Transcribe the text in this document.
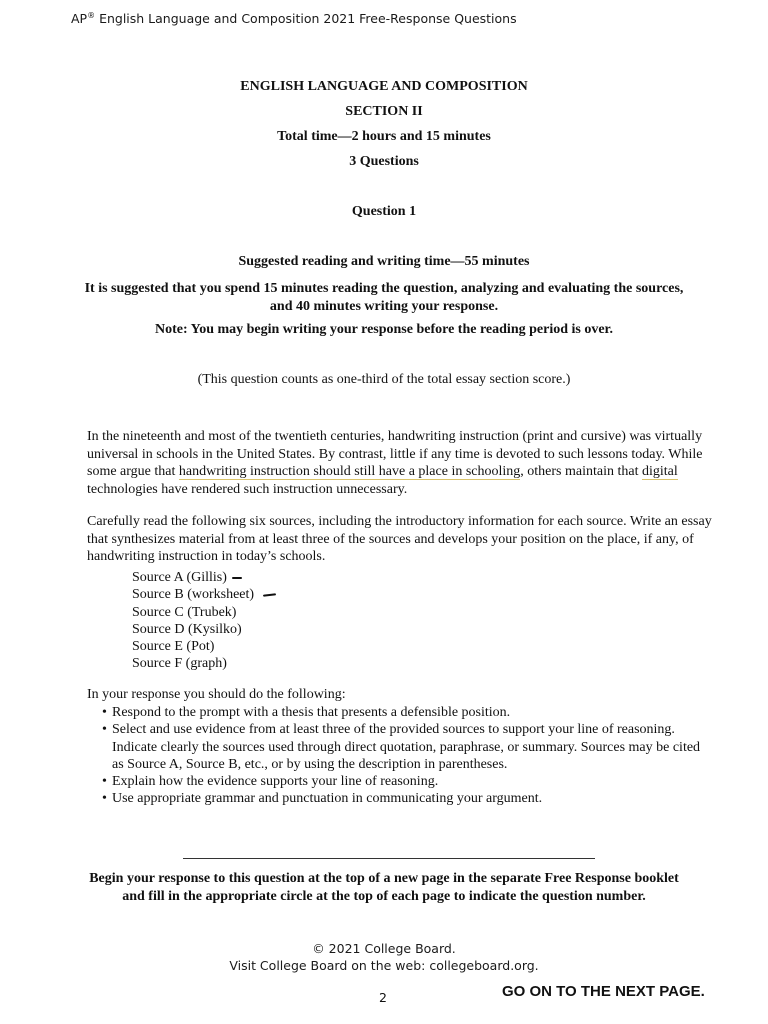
AP® English Language and Composition 2021 Free-Response Questions
ENGLISH LANGUAGE AND COMPOSITION
SECTION II
Total time—2 hours and 15 minutes
3 Questions
Question 1
Suggested reading and writing time—55 minutes
It is suggested that you spend 15 minutes reading the question, analyzing and evaluating the sources,
and 40 minutes writing your response.
Note: You may begin writing your response before the reading period is over.
(This question counts as one-third of the total essay section score.)
In the nineteenth and most of the twentieth centuries, handwriting instruction (print and cursive) was virtually universal in schools in the United States. By contrast, little if any time is devoted to such lessons today. While some argue that handwriting instruction should still have a place in schooling, others maintain that digital technologies have rendered such instruction unnecessary.
Carefully read the following six sources, including the introductory information for each source. Write an essay that synthesizes material from at least three of the sources and develops your position on the place, if any, of handwriting instruction in today’s schools.
Source A (Gillis)
Source B (worksheet)
Source C (Trubek)
Source D (Kysilko)
Source E (Pot)
Source F (graph)
In your response you should do the following:
• Respond to the prompt with a thesis that presents a defensible position.
• Select and use evidence from at least three of the provided sources to support your line of reasoning. Indicate clearly the sources used through direct quotation, paraphrase, or summary. Sources may be cited as Source A, Source B, etc., or by using the description in parentheses.
• Explain how the evidence supports your line of reasoning.
• Use appropriate grammar and punctuation in communicating your argument.
Begin your response to this question at the top of a new page in the separate Free Response booklet
and fill in the appropriate circle at the top of each page to indicate the question number.
© 2021 College Board.
Visit College Board on the web: collegeboard.org.
2	GO ON TO THE NEXT PAGE.
